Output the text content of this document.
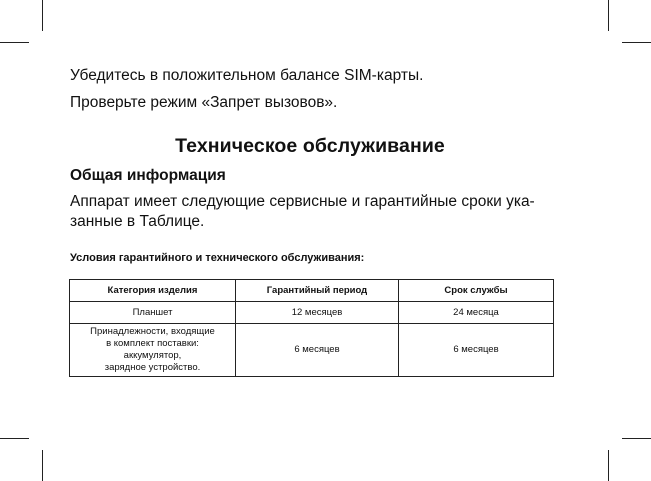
Убедитесь в положительном балансе SIM-карты.

Проверьте режим «Запрет вызовов».

Техническое обслуживание
Общая информация
Аппарат имеет следующие сервисные и гарантийные сроки ука-
занные в Таблице.

Условия гарантийного и технического обслуживания:

Категория изделия	Гарантийный период	Срок службы

Планшет	12 месяцев	24 месяца

Принадлежности, входящие
в комплект поставки:
аккумулятор,
зарядное устройство.	6 месяцев	6 месяцев
